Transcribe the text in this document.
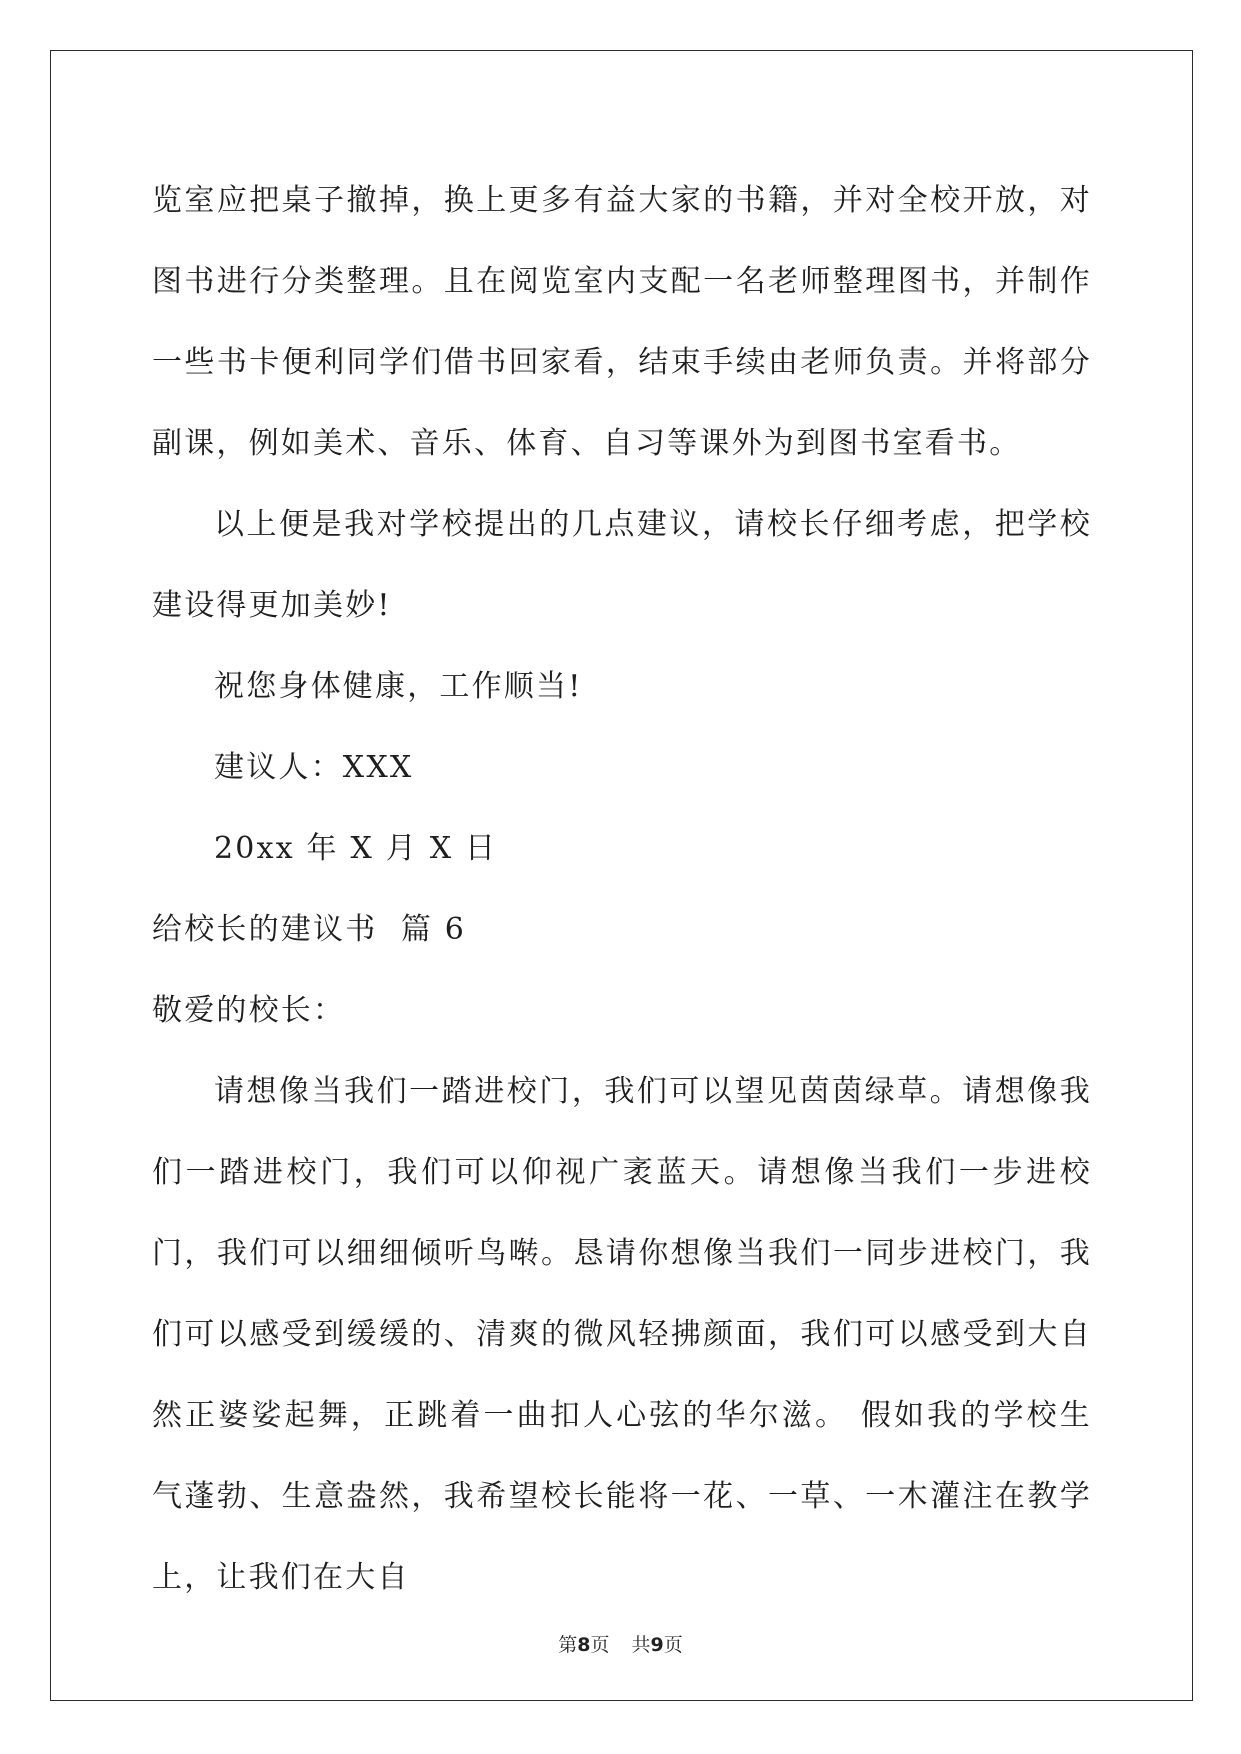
览室应把桌子撤掉，换上更多有益大家的书籍，并对全校开放，对图书进行分类整理。且在阅览室内支配一名老师整理图书，并制作一些书卡便利同学们借书回家看，结束手续由老师负责。并将部分副课，例如美术、音乐、体育、自习等课外为到图书室看书。

以上便是我对学校提出的几点建议，请校长仔细考虑，把学校建设得更加美妙!

祝您身体健康，工作顺当!

建议人：XXX

20xx 年 X 月 X 日

给校长的建议书  篇 6

敬爱的校长：

请想像当我们一踏进校门，我们可以望见茵茵绿草。请想像我们一踏进校门，我们可以仰视广袤蓝天。请想像当我们一步进校门，我们可以细细倾听鸟啭。恳请你想像当我们一同步进校门，我们可以感受到缓缓的、清爽的微风轻拂颜面，我们可以感受到大自然正婆娑起舞，正跳着一曲扣人心弦的华尔滋。 假如我的学校生气蓬勃、生意盎然，我希望校长能将一花、一草、一木灌注在教学上，让我们在大自

第8页 共9页
